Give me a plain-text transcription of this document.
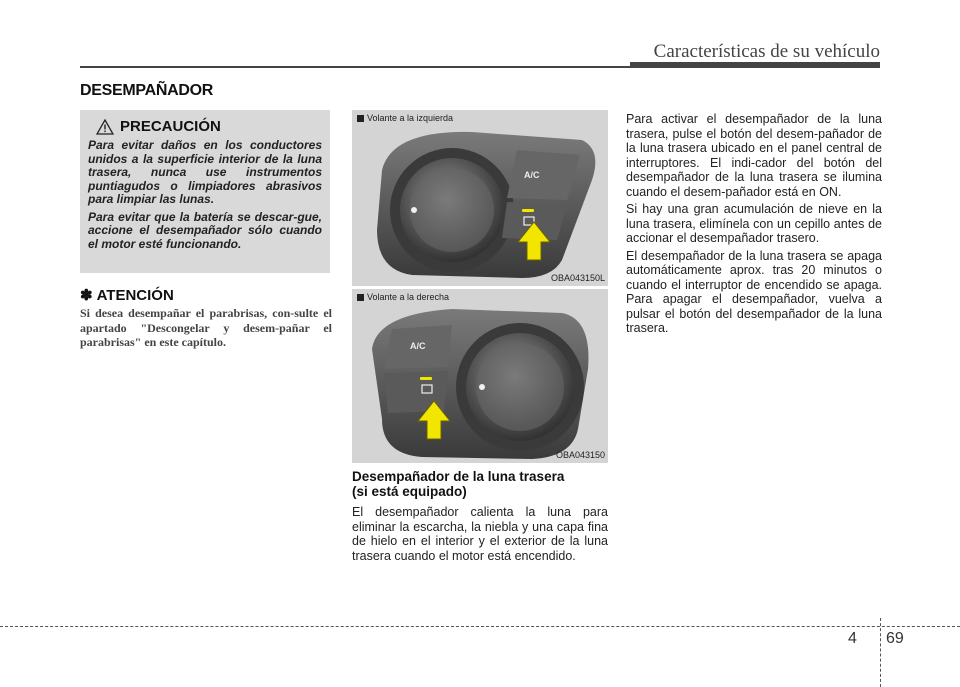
Características de su vehículo
DESEMPAÑADOR
PRECAUCIÓN

Para evitar daños en los conductores unidos a la superficie interior de la luna trasera, nunca use instrumentos puntiagudos o limpiadores abrasivos para limpiar las lunas.

Para evitar que la batería se descar-gue, accione el desempañador sólo cuando el motor esté funcionando.

✽ ATENCIÓN
Si desea desempañar el parabrisas, con-sulte el apartado "Descongelar y desem-pañar el parabrisas" en este capítulo.
A/C
Volante a la izquierda
OBA043150L
A/C
Volante a la derecha
OBA043150
Desempañador de la luna trasera
(si está equipado)
El desempañador calienta la luna para eliminar la escarcha, la niebla y una capa fina de hielo en el interior y el exterior de la luna trasera cuando el motor está encendido.

Para activar el desempañador de la luna trasera, pulse el botón del desem-pañador de la luna trasera ubicado en el panel central de interruptores. El indi-cador del botón del desempañador de la luna trasera se ilumina cuando el desem-pañador está en ON.

Si hay una gran acumulación de nieve en la luna trasera, elimínela con un cepillo antes de accionar el desempañador trasero.

El desempañador de la luna trasera se apaga automáticamente aprox. tras 20 minutos o cuando el interruptor de encendido se apaga. Para apagar el desempañador, vuelva a pulsar el botón del desempañador de la luna trasera.

4 69
